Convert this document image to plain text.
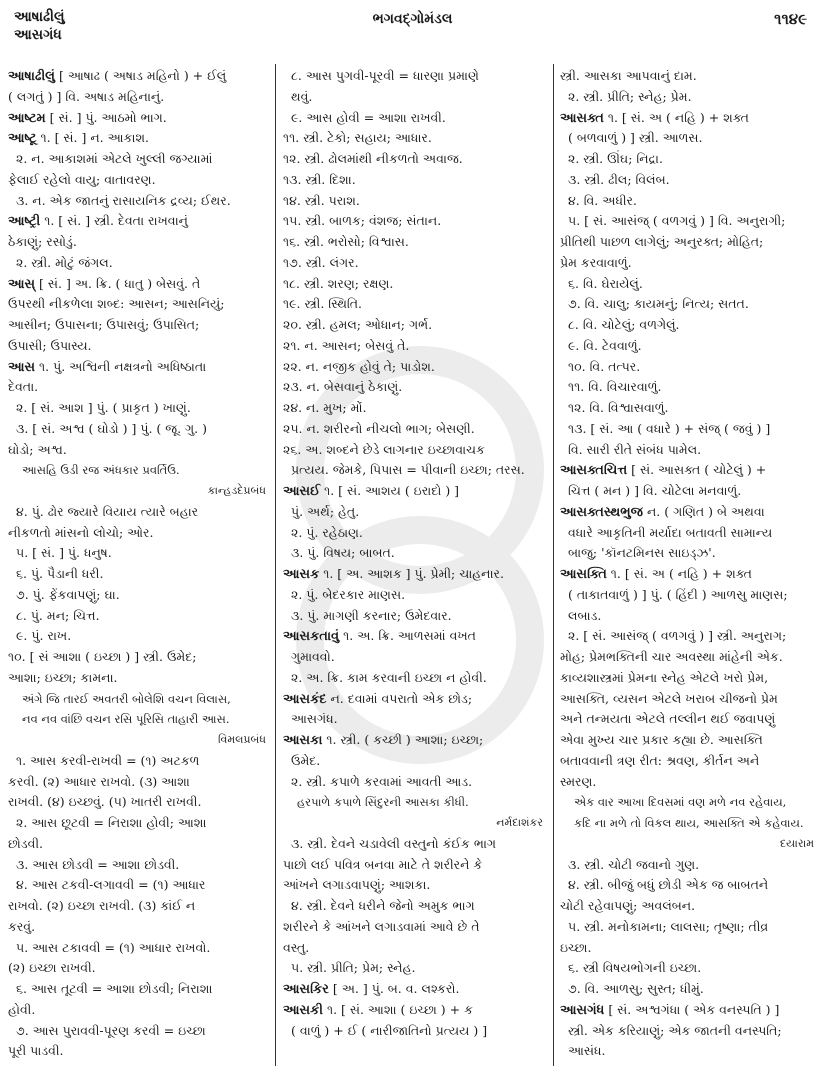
આષાઢીલું
આસગંધ
ભગવદ્ગોમંડલ	૧૧૪૯
આષાઢીલું [ આષાઢ ( અષાડ મહિનો ) + ઈલું
( લગતું ) ] વિ. અષાડ મહિનાનું.
આષ્ટમ [ સં. ] પું. આઠમો ભાગ.
આષ્ટૂ ૧. [ સં. ] ન. આકાશ.
૨. ન. આકાશમાં એટલે ખુલ્લી જગ્યામાં
ફેલાઈ રહેલો વાયુ; વાતાવરણ.
૩. ન. એક જાતનું રાસાયનિક દ્રવ્ય; ઈથર.
આષ્ટ્રી ૧. [ સં. ] સ્ત્રી. દેવતા રાખવાનું
ઠેકાણું; રસોડું.
૨. સ્ત્રી. મોટું જંગલ.
આસ્ [ સં. ] અ. ક્રિ. ( ધાતુ ) બેસવું. તે
ઉપરથી નીકળેલા શબ્દ: આસન; આસનિયું;
આસીન; ઉપાસના; ઉપાસવું; ઉપાસિત;
ઉપાસી; ઉપાસ્ય.
આસ ૧. પું. અશ્વિની નક્ષત્રનો અધિષ્ઠાતા
દેવતા.
૨. [ સં. આશ ] પું. ( પ્રાકૃત ) ખાણું.
૩. [ સં. અશ્વ ( ઘોડો ) ] પું. ( જૂ. ગુ. )
ઘોડો; અશ્વ.
આસહિ ઉડી રજ અંધકાર પ્રવર્તિઉ.
કાન્હડદેપ્રબંધ
૪. પું. ઢોર જ્યારે વિયાય ત્યારે બહાર
નીકળતો માંસનો લોચો; ઓર.
૫. [ સં. ] પું. ધનુષ.
૬. પું. પૈડાની ધરી.
૭. પું. ફેંકવાપણું; ઘા.
૮. પું. મન; ચિત્ત.
૯. પું. રાખ.
૧૦. [ સં આશા ( ઇચ્છા ) ] સ્ત્રી. ઉમેદ;
આશા; ઇચ્છા; કામના.
અંગે જિ તારઈ અવતરી બોલેશિ વચન વિલાસ,
નવ નવ વાંછિ વચન રસિ પૂરિસિ તાહારી આસ.
વિમલપ્રબંધ
૧. આસ કરવી-રાખવી = (૧) અટકળ
કરવી. (૨) આધાર રાખવો. (૩) આશા
રાખવી. (૪) ઇચ્છવું. (૫) ખાતરી રાખવી.
૨. આસ છૂટવી = નિરાશા હોવી; આશા
છોડવી.
૩. આસ છોડવી = આશા છોડવી.
૪. આસ ટકવી-લગાવવી = (૧) આધાર
રાખવો. (૨) ઇચ્છા રાખવી. (૩) કાંઈ ન
કરવું.
૫. આસ ટકાવવી = (૧) આધાર રાખવો.
(૨) ઇચ્છા રાખવી.
૬. આસ તૂટવી = આશા છોડવી; નિરાશા
હોવી.
૭. આસ પુરાવવી-પૂરણ કરવી = ઇચ્છા
પૂરી પાડવી.
૮. આસ પુગવી-પૂરવી = ધારણા પ્રમાણે
થવું.
૯. આસ હોવી = આશા રાખવી.
૧૧. સ્ત્રી. ટેકો; સહાય; આધાર.
૧૨. સ્ત્રી. ઢોલમાંથી નીકળતો અવાજ.
૧૩. સ્ત્રી. દિશા.
૧૪. સ્ત્રી. પરાશ.
૧૫. સ્ત્રી. બાળક; વંશજ; સંતાન.
૧૬. સ્ત્રી. ભરોસો; વિશ્વાસ.
૧૭. સ્ત્રી. લંગર.
૧૮. સ્ત્રી. શરણ; રક્ષણ.
૧૯. સ્ત્રી. સ્થિતિ.
૨૦. સ્ત્રી. હમલ; ઓધાન; ગર્ભ.
૨૧. ન. આસન; બેસવું તે.
૨૨. ન. નજીક હોવું તે; પાડોશ.
૨૩. ન. બેસવાનું ઠેકાણું.
૨૪. ન. મુખ; મોં.
૨૫. ન. શરીરનો નીચલો ભાગ; બેસણી.
૨૬. અ. શબ્દને છેડે લાગનાર ઇચ્છાવાચક
પ્રત્યય. જેમકે, પિપાસ = પીવાની ઇચ્છા; તરસ.
આસઈ ૧. [ સં. આશય ( ઇરાદો ) ]
પું. અર્થ; હેતુ.
૨. પું. રહેઠાણ.
૩. પું. વિષય; બાબત.
આસક ૧. [ અ. આશક ] પું. પ્રેમી; ચાહનાર.
૨. પું. બેદરકાર માણસ.
૩. પું. માગણી કરનાર; ઉમેદવાર.
આસકતાવું ૧. અ. ક્રિ. આળસમાં વખત
ગુમાવવો.
૨. અ. ક્રિ. કામ કરવાની ઇચ્છા ન હોવી.
આસકંદ ન. દવામાં વપરાતો એક છોડ;
આસગંધ.
આસકા ૧. સ્ત્રી. ( કચ્છી ) આશા; ઇચ્છા;
ઉમેદ.
૨. સ્ત્રી. કપાળે કરવામાં આવતી આડ.
હરપાળે કપાળે સિંદુરની આસકા કીધી.
નર્મદાશંકર
૩. સ્ત્રી. દેવને ચડાવેલી વસ્તુનો કંઈક ભાગ
પાછો લઈ પવિત્ર બનવા માટે તે શરીરને કે
આંખને લગાડવાપણું; આશકા.
૪. સ્ત્રી. દેવને ધરીને જેનો અમુક ભાગ
શરીરને કે આંખને લગાડવામાં આવે છે તે
વસ્તુ.
૫. સ્ત્રી. પ્રીતિ; પ્રેમ; સ્નેહ.
આસકિર [ અ. ] પું. બ. વ. લશ્કરો.
આસકી ૧. [ સં. આશા ( ઇચ્છા ) + ક
( વાળું ) + ઈ ( નારીજાતિનો પ્રત્યય ) ]
સ્ત્રી. આસકા આપવાનું દામ.
૨. સ્ત્રી. પ્રીતિ; સ્નેહ; પ્રેમ.
આસક્ત ૧. [ સં. અ ( નહિ ) + શક્ત
( બળવાળું ) ] સ્ત્રી. આળસ.
૨. સ્ત્રી. ઊંઘ; નિદ્રા.
૩. સ્ત્રી. ઢીલ; વિલંબ.
૪. વિ. અધીર.
૫. [ સં. આસંજ્ ( વળગવું ) ] વિ. અનુરાગી;
પ્રીતિથી પાછળ લાગેલું; અનુરક્ત; મોહિત;
પ્રેમ કરવાવાળું.
૬. વિ. ઘેરાયેલું.
૭. વિ. ચાલુ; કાયમનું; નિત્ય; સતત.
૮. વિ. ચોટેલું; વળગેલું.
૯. વિ. ટેવવાળું.
૧૦. વિ. તત્પર.
૧૧. વિ. વિચારવાળું.
૧૨. વિ. વિશ્વાસવાળું.
૧૩. [ સં. આ ( વધારે ) + સંજ્ ( જવું ) ]
વિ. સારી રીતે સંબંધ પામેલ.
આસક્તચિત્ત [ સં. આસક્ત ( ચોટેલું ) +
ચિત્ત ( મન ) ] વિ. ચોટેલા મનવાળું.
આસક્તસ્થભુજ ન. ( ગણિત ) બે અથવા
વધારે આકૃતિની મર્યાદા બતાવતી સામાન્ય
બાજુ; 'કૉનટમિનસ સાઇડ્ઝ'.
આસક્તિ ૧. [ સં. અ ( નહિ ) + શક્ત
( તાકાતવાળું ) ] પું. ( હિંદી ) આળસુ માણસ;
લબાડ.
૨. [ સં. આસંજ્ ( વળગવું ) ] સ્ત્રી. અનુરાગ;
મોહ; પ્રેમભક્તિની ચાર અવસ્થા માંહેની એક.
કાવ્યશાસ્ત્રમાં પ્રેમના સ્નેહ એટલે ખરો પ્રેમ,
આસક્તિ, વ્યસન એટલે ખરાબ ચીજનો પ્રેમ
અને તન્મયતા એટલે તલ્લીન થઈ જવાપણું
એવા મુખ્ય ચાર પ્રકાર કહ્યા છે. આસક્તિ
બતાવવાની ત્રણ રીત: શ્રવણ, કીર્તન અને
સ્મરણ.
એક વાર આખા દિવસમાં વણ મળે નવ રહેવાય,
કદિ ના મળે તો વિકલ થાય, આસક્તિ એ કહેવાય.
દયારામ
૩. સ્ત્રી. ચોટી જવાનો ગુણ.
૪. સ્ત્રી. બીજું બધું છોડી એક જ બાબતને
ચોટી રહેવાપણું; અવલંબન.
૫. સ્ત્રી. મનોકામના; લાલસા; તૃષ્ણા; તીવ્ર
ઇચ્છા.
૬. સ્ત્રી વિષયભોગની ઇચ્છા.
૭. વિ. આળસુ; સુસ્ત; ધીમું.
આસગંધ [ સં. અશ્વગંધા ( એક વનસ્પતિ ) ]
સ્ત્રી. એક કરિયાણું; એક જાતની વનસ્પતિ;
આસંધ.
